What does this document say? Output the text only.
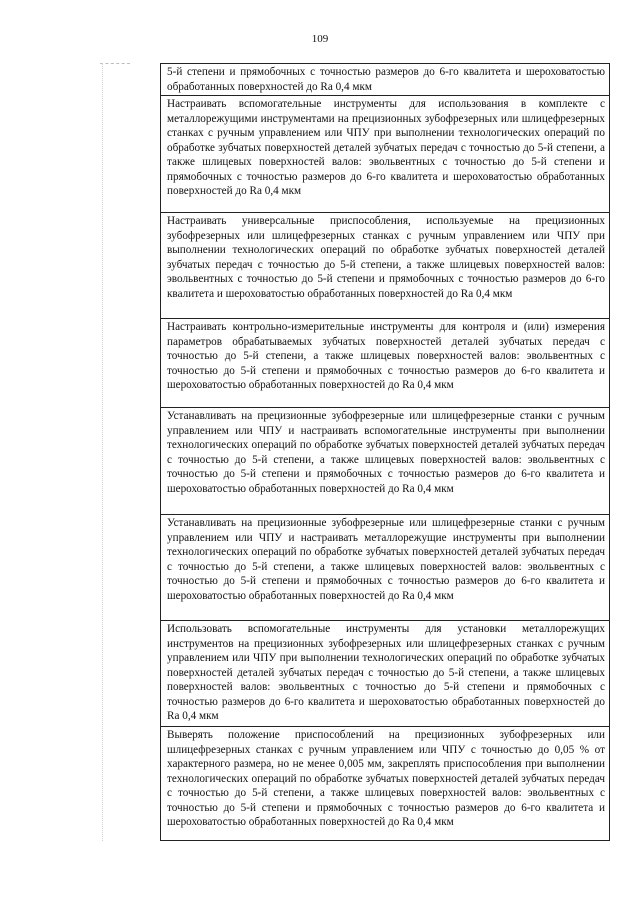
109
5-й степени и прямобочных с точностью размеров до 6-го квалитета и шероховатостью обработанных поверхностей до Ra 0,4 мкм
Настраивать вспомогательные инструменты для использования в комплекте с металлорежущими инструментами на прецизионных зубофрезерных или шлицефрезерных станках с ручным управлением или ЧПУ при выполнении технологических операций по обработке зубчатых поверхностей деталей зубчатых передач с точностью до 5-й степени, а также шлицевых поверхностей валов: эвольвентных с точностью до 5-й степени и прямобочных с точностью размеров до 6-го квалитета и шероховатостью обработанных поверхностей до Ra 0,4 мкм
Настраивать универсальные приспособления, используемые на прецизионных зубофрезерных или шлицефрезерных станках с ручным управлением или ЧПУ при выполнении технологических операций по обработке зубчатых поверхностей деталей зубчатых передач с точностью до 5-й степени, а также шлицевых поверхностей валов: эвольвентных с точностью до 5-й степени и прямобочных с точностью размеров до 6-го квалитета и шероховатостью обработанных поверхностей до Ra 0,4 мкм
Настраивать контрольно-измерительные инструменты для контроля и (или) измерения параметров обрабатываемых зубчатых поверхностей деталей зубчатых передач с точностью до 5-й степени, а также шлицевых поверхностей валов: эвольвентных с точностью до 5-й степени и прямобочных с точностью размеров до 6-го квалитета и шероховатостью обработанных поверхностей до Ra 0,4 мкм
Устанавливать на прецизионные зубофрезерные или шлицефрезерные станки с ручным управлением или ЧПУ и настраивать вспомогательные инструменты при выполнении технологических операций по обработке зубчатых поверхностей деталей зубчатых передач с точностью до 5-й степени, а также шлицевых поверхностей валов: эвольвентных с точностью до 5-й степени и прямобочных с точностью размеров до 6-го квалитета и шероховатостью обработанных поверхностей до Ra 0,4 мкм
Устанавливать на прецизионные зубофрезерные или шлицефрезерные станки с ручным управлением или ЧПУ и настраивать металлорежущие инструменты при выполнении технологических операций по обработке зубчатых поверхностей деталей зубчатых передач с точностью до 5-й степени, а также шлицевых поверхностей валов: эвольвентных с точностью до 5-й степени и прямобочных с точностью размеров до 6-го квалитета и шероховатостью обработанных поверхностей до Ra 0,4 мкм
Использовать вспомогательные инструменты для установки металлорежущих инструментов на прецизионных зубофрезерных или шлицефрезерных станках с ручным управлением или ЧПУ при выполнении технологических операций по обработке зубчатых поверхностей деталей зубчатых передач с точностью до 5-й степени, а также шлицевых поверхностей валов: эвольвентных с точностью до 5-й степени и прямобочных с точностью размеров до 6-го квалитета и шероховатостью обработанных поверхностей до Ra 0,4 мкм
Выверять положение приспособлений на прецизионных зубофрезерных или шлицефрезерных станках с ручным управлением или ЧПУ с точностью до 0,05 % от характерного размера, но не менее 0,005 мм, закреплять приспособления при выполнении технологических операций по обработке зубчатых поверхностей деталей зубчатых передач с точностью до 5-й степени, а также шлицевых поверхностей валов: эвольвентных с точностью до 5-й степени и прямобочных с точностью размеров до 6-го квалитета и шероховатостью обработанных поверхностей до Ra 0,4 мкм
